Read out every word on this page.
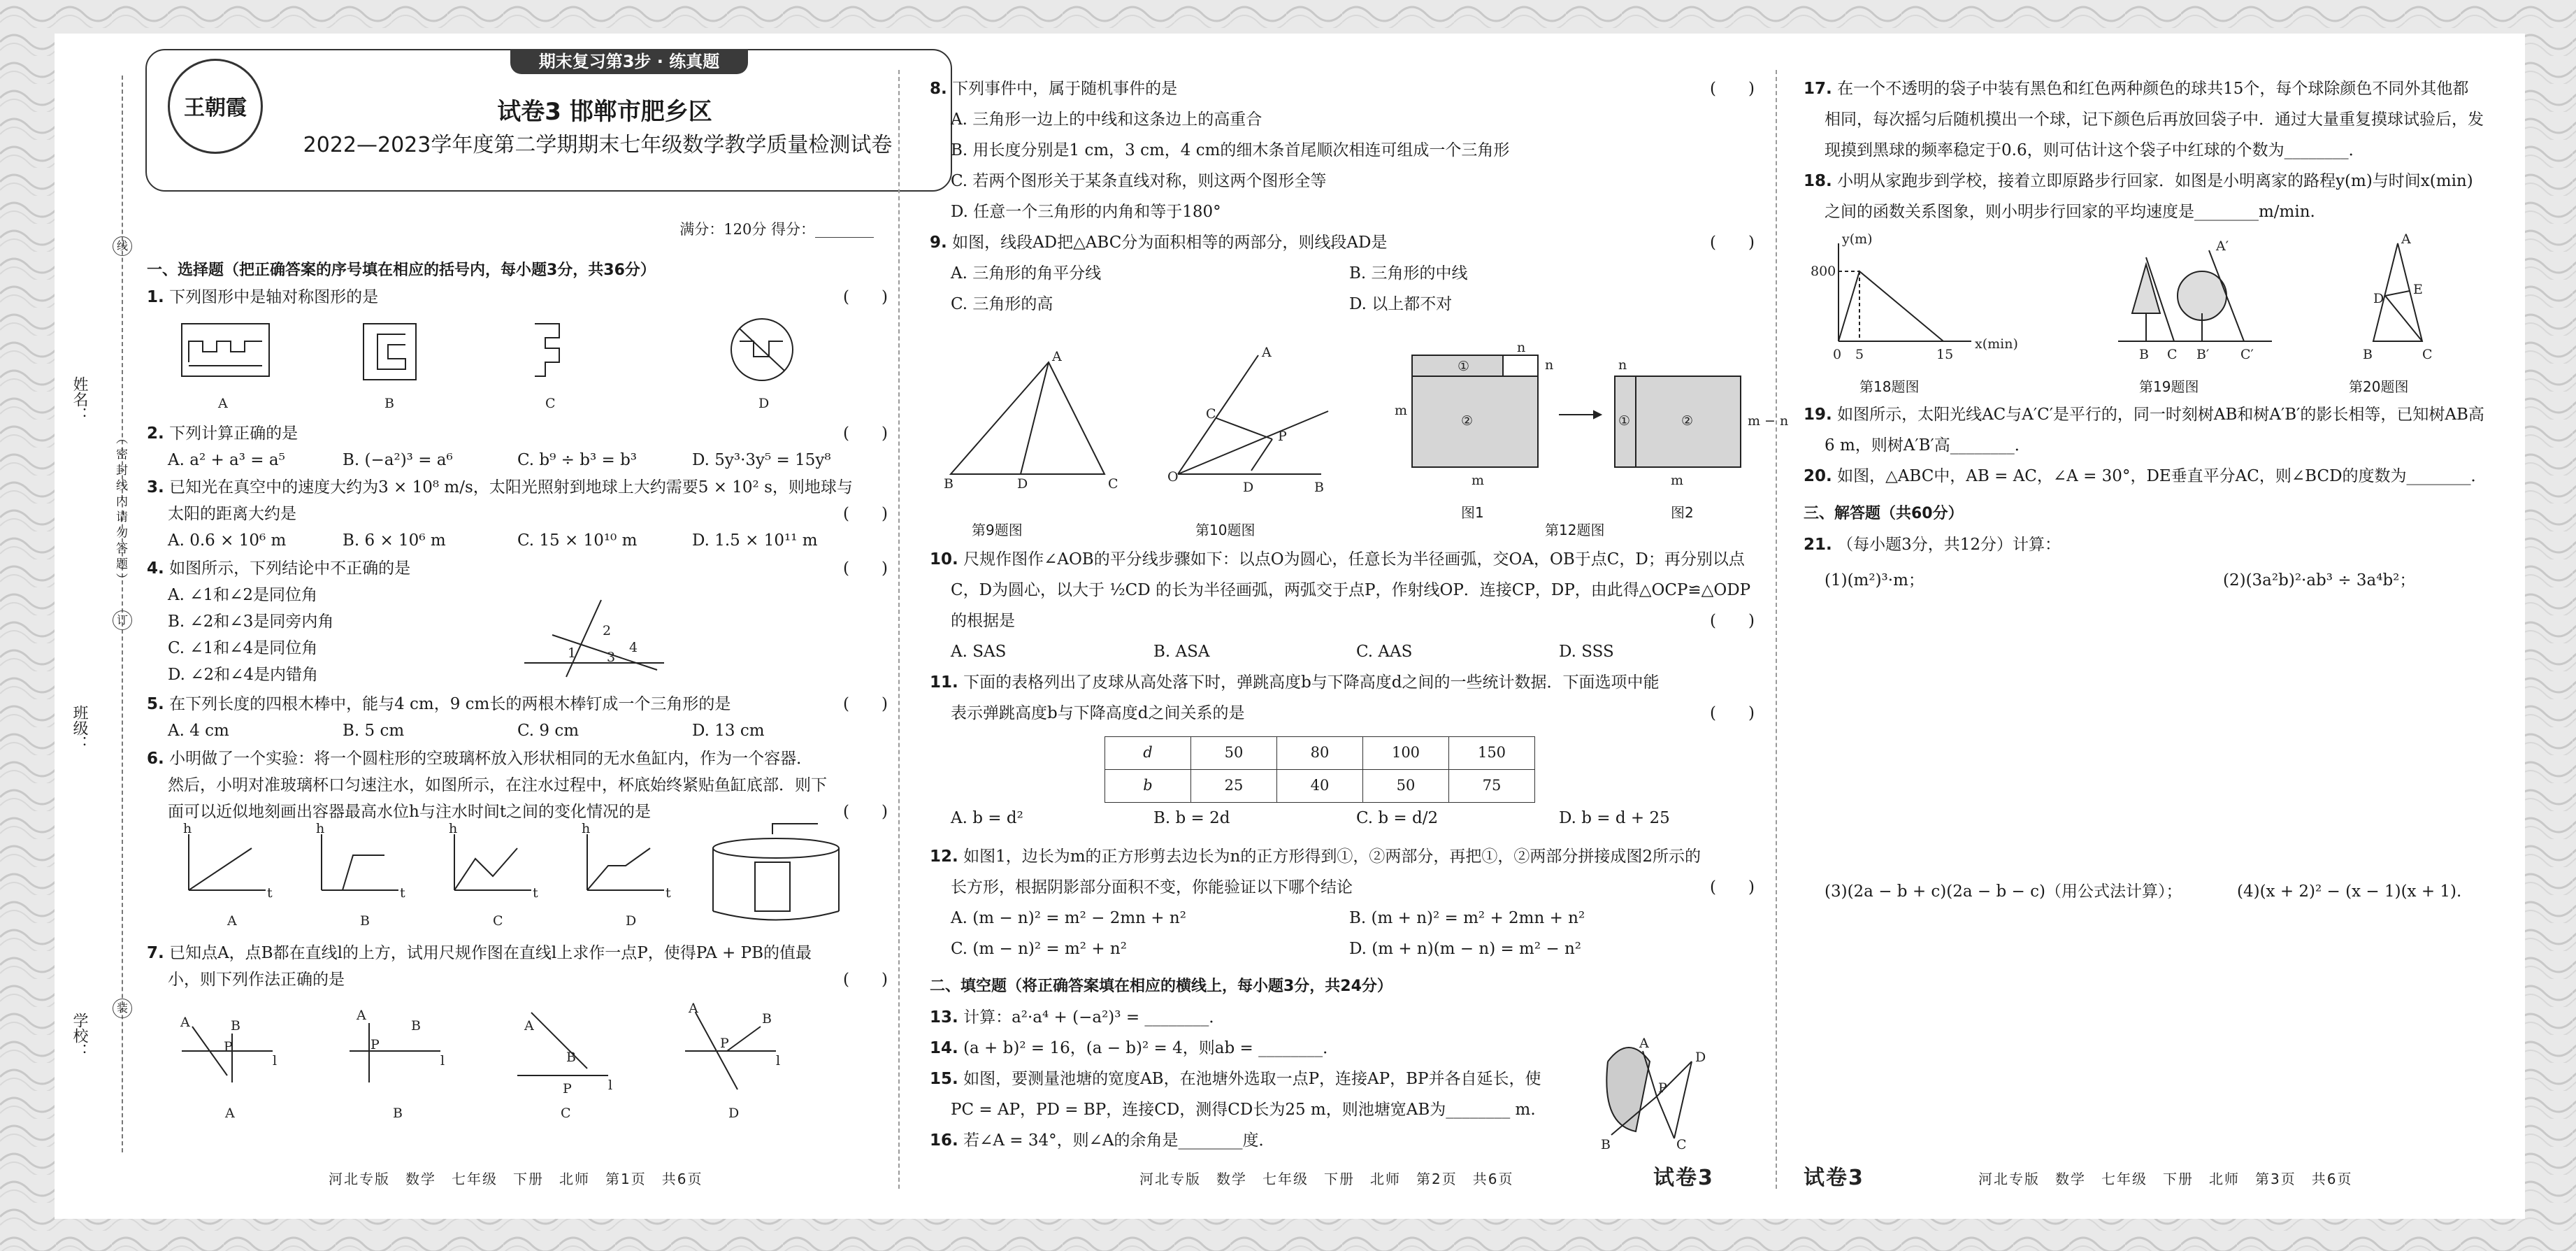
姓名：
班级：
学校：
（ 密 封 线 内 请 勿 答 题 ）
线
订
装
期末复习第3步 · 练真题
王朝霞	试卷3 邯郸市肥乡区
2022—2023学年度第二学期期末七年级数学教学质量检测试卷
满分：120分 得分：________
一、选择题（把正确答案的序号填在相应的括号内，每小题3分，共36分）
1. 下列图形中是轴对称图形的是	(　　)
A	B	C	D
2. 下列计算正确的是	(　　)
A. a² + a³ = a⁵	B. (−a²)³ = a⁶	C. b⁹ ÷ b³ = b³	D. 5y³·3y⁵ = 15y⁸
3. 已知光在真空中的速度大约为3 × 10⁸ m/s，太阳光照射到地球上大约需要5 × 10² s，则地球与
太阳的距离大约是	(　　)
A. 0.6 × 10⁶ m	B. 6 × 10⁶ m	C. 15 × 10¹⁰ m	D. 1.5 × 10¹¹ m
4. 如图所示，下列结论中不正确的是	(　　)
A. ∠1和∠2是同位角
B. ∠2和∠3是同旁内角
C. ∠1和∠4是同位角
D. ∠2和∠4是内错角
2
1 3
4
5. 在下列长度的四根木棒中，能与4 cm，9 cm长的两根木棒钉成一个三角形的是	(　　)
A. 4 cm	B. 5 cm	C. 9 cm	D. 13 cm
6. 小明做了一个实验：将一个圆柱形的空玻璃杯放入形状相同的无水鱼缸内，作为一个容器．
然后，小明对准玻璃杯口匀速注水，如图所示，在注水过程中，杯底始终紧贴鱼缸底部．则下
面可以近似地刻画出容器最高水位h与注水时间t之间的变化情况的是	(　　)
h
t
h
t
h
t
h
t
A	B	C	D
7. 已知点A，点B都在直线l的上方，试用尺规作图在直线l上求作一点P，使得PA + PB的值最
小，则下列作法正确的是	(　　)
A	B
P
l
A
B
P
l
A
B
P	l
A
B
P
l
A	B	C	D
河北专版　数学　七年级　下册　北师　第1页　共6页
8. 下列事件中，属于随机事件的是	(　　)
A. 三角形一边上的中线和这条边上的高重合
B. 用长度分别是1 cm，3 cm，4 cm的细木条首尾顺次相连可组成一个三角形
C. 若两个图形关于某条直线对称，则这两个图形全等
D. 任意一个三角形的内角和等于180°
9. 如图，线段AD把△ABC分为面积相等的两部分，则线段AD是	(　　)
A. 三角形的角平分线	B. 三角形的中线
C. 三角形的高	D. 以上都不对
B	D	C
A
O
A
C
P
D	B
①
②
m
m
n
n
①	②	m − n
n
m
第9题图	第10题图
图1	图2
第12题图
10. 尺规作图作∠AOB的平分线步骤如下：以点O为圆心，任意长为半径画弧，交OA，OB于点C，D；再分别以点
C，D为圆心，以大于 ½CD 的长为半径画弧，两弧交于点P，作射线OP．连接CP，DP，由此得△OCP≌△ODP
的根据是	(　　)
A. SAS	B. ASA	C. AAS	D. SSS
11. 下面的表格列出了皮球从高处落下时，弹跳高度b与下降高度d之间的一些统计数据．下面选项中能
表示弹跳高度b与下降高度d之间关系的是	(　　)
d	50	80	100	150
b	25	40	50	75
A. b = d²	B. b = 2d	C. b = d/2	D. b = d + 25
12. 如图1，边长为m的正方形剪去边长为n的正方形得到①，②两部分，再把①，②两部分拼接成图2所示的
长方形，根据阴影部分面积不变，你能验证以下哪个结论	(　　)
A. (m − n)² = m² − 2mn + n²	B. (m + n)² = m² + 2mn + n²
C. (m − n)² = m² + n²	D. (m + n)(m − n) = m² − n²
二、填空题（将正确答案填在相应的横线上，每小题3分，共24分）
13. 计算：a²·a⁴ + (−a²)³ = ________．
14. (a + b)² = 16，(a − b)² = 4，则ab = ________．
15. 如图，要测量池塘的宽度AB，在池塘外选取一点P，连接AP，BP并各自延长，使
PC = AP，PD = BP，连接CD，测得CD长为25 m，则池塘宽AB为________ m.
16. 若∠A = 34°，则∠A的余角是________度．
A
P
D
B	C
河北专版　数学　七年级　下册　北师　第2页　共6页	试卷3
17. 在一个不透明的袋子中装有黑色和红色两种颜色的球共15个，每个球除颜色不同外其他都
相同，每次摇匀后随机摸出一个球，记下颜色后再放回袋子中．通过大量重复摸球试验后，发
现摸到黑球的频率稳定于0.6，则可估计这个袋子中红球的个数为________．
18. 小明从家跑步到学校，接着立即原路步行回家．如图是小明离家的路程y(m)与时间x(min)
之间的函数关系图象，则小明步行回家的平均速度是________m/min.
y(m)
x(min)
800
0 5	15	B C B′ C′
A′	A
D
E
B	C
第18题图	第19题图	第20题图
19. 如图所示，太阳光线AC与A′C′是平行的，同一时刻树AB和树A′B′的影长相等，已知树AB高
6 m，则树A′B′高________．
20. 如图，△ABC中，AB = AC，∠A = 30°，DE垂直平分AC，则∠BCD的度数为________．
三、解答题（共60分）
21. （每小题3分，共12分）计算：
(1)(m²)³·m；	(2)(3a²b)²·ab³ ÷ 3a⁴b²；
(3)(2a − b + c)(2a − b − c)（用公式法计算）；	(4)(x + 2)² − (x − 1)(x + 1).
试卷3	河北专版　数学　七年级　下册　北师　第3页　共6页
